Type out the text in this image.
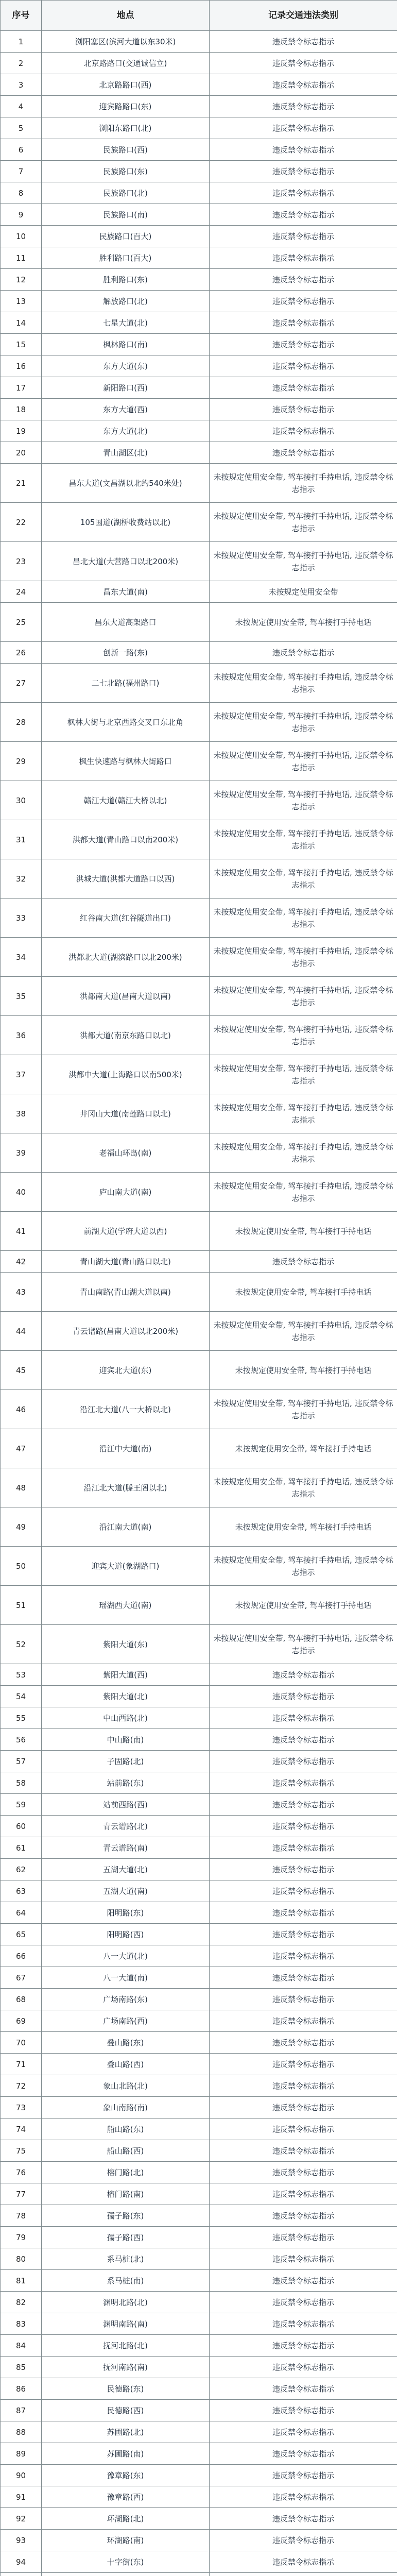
序号	地点	记录交通违法类别
1	浏阳塞区(滨河大道以东30米)	违反禁令标志指示
2	北京路路口(交通诚信立)	违反禁令标志指示
3	北京路路口(西)	违反禁令标志指示
4	迎宾路路口(东)	违反禁令标志指示
5	浏阳东路口(北)	违反禁令标志指示
6	民族路口(西)	违反禁令标志指示
7	民族路口(东)	违反禁令标志指示
8	民族路口(北)	违反禁令标志指示
9	民族路口(南)	违反禁令标志指示
10	民族路口(百大)	违反禁令标志指示
11	胜利路口(百大)	违反禁令标志指示
12	胜利路口(东)	违反禁令标志指示
13	解放路口(北)	违反禁令标志指示
14	七星大道(北)	违反禁令标志指示
15	枫林路口(南)	违反禁令标志指示
16	东方大道(东)	违反禁令标志指示
17	新阳路口(西)	违反禁令标志指示
18	东方大道(西)	违反禁令标志指示
19	东方大道(北)	违反禁令标志指示
20	青山湖区(北)	违反禁令标志指示
21	昌东大道(文昌湖以北约540米处)	未按规定使用安全带, 驾车接打手持电话, 违反禁令标志指示
22	105国道(湖桥收费站以北)	未按规定使用安全带, 驾车接打手持电话, 违反禁令标志指示
23	昌北大道(大营路口以北200米)	未按规定使用安全带, 驾车接打手持电话, 违反禁令标志指示
24	昌东大道(南)	未按规定使用安全带
25	昌东大道高架路口	未按规定使用安全带, 驾车接打手持电话
26	创新一路(东)	违反禁令标志指示
27	二七北路(福州路口)	未按规定使用安全带, 驾车接打手持电话, 违反禁令标志指示
28	枫林大街与北京西路交叉口东北角	未按规定使用安全带, 驾车接打手持电话, 违反禁令标志指示
29	枫生快速路与枫林大街路口	未按规定使用安全带, 驾车接打手持电话, 违反禁令标志指示
30	赣江大道(赣江大桥以北)	未按规定使用安全带, 驾车接打手持电话, 违反禁令标志指示
31	洪都大道(青山路口以南200米)	未按规定使用安全带, 驾车接打手持电话, 违反禁令标志指示
32	洪城大道(洪都大道路口以西)	未按规定使用安全带, 驾车接打手持电话, 违反禁令标志指示
33	红谷南大道(红谷隧道出口)	未按规定使用安全带, 驾车接打手持电话, 违反禁令标志指示
34	洪都北大道(湖滨路口以北200米)	未按规定使用安全带, 驾车接打手持电话, 违反禁令标志指示
35	洪都南大道(昌南大道以南)	未按规定使用安全带, 驾车接打手持电话, 违反禁令标志指示
36	洪都大道(南京东路口以北)	未按规定使用安全带, 驾车接打手持电话, 违反禁令标志指示
37	洪都中大道(上海路口以南500米)	未按规定使用安全带, 驾车接打手持电话, 违反禁令标志指示
38	井冈山大道(南莲路口以北)	未按规定使用安全带, 驾车接打手持电话, 违反禁令标志指示
39	老福山环岛(南)	未按规定使用安全带, 驾车接打手持电话, 违反禁令标志指示
40	庐山南大道(南)	未按规定使用安全带, 驾车接打手持电话, 违反禁令标志指示
41	前湖大道(学府大道以西)	未按规定使用安全带, 驾车接打手持电话
42	青山湖大道(青山路口以北)	违反禁令标志指示
43	青山南路(青山湖大道以南)	未按规定使用安全带, 驾车接打手持电话
44	青云谱路(昌南大道以北200米)	未按规定使用安全带, 驾车接打手持电话, 违反禁令标志指示
45	迎宾北大道(东)	未按规定使用安全带, 驾车接打手持电话
46	沿江北大道(八一大桥以北)	未按规定使用安全带, 驾车接打手持电话, 违反禁令标志指示
47	沿江中大道(南)	未按规定使用安全带, 驾车接打手持电话
48	沿江北大道(滕王阁以北)	未按规定使用安全带, 驾车接打手持电话, 违反禁令标志指示
49	沿江南大道(南)	未按规定使用安全带, 驾车接打手持电话
50	迎宾大道(象湖路口)	未按规定使用安全带, 驾车接打手持电话, 违反禁令标志指示
51	瑶湖西大道(南)	未按规定使用安全带, 驾车接打手持电话
52	紫阳大道(东)	未按规定使用安全带, 驾车接打手持电话, 违反禁令标志指示
53	紫阳大道(西)	违反禁令标志指示
54	紫阳大道(北)	违反禁令标志指示
55	中山西路(北)	违反禁令标志指示
56	中山路(南)	违反禁令标志指示
57	子固路(北)	违反禁令标志指示
58	站前路(东)	违反禁令标志指示
59	站前西路(西)	违反禁令标志指示
60	青云谱路(北)	违反禁令标志指示
61	青云谱路(南)	违反禁令标志指示
62	五湖大道(北)	违反禁令标志指示
63	五湖大道(南)	违反禁令标志指示
64	阳明路(东)	违反禁令标志指示
65	阳明路(西)	违反禁令标志指示
66	八一大道(北)	违反禁令标志指示
67	八一大道(南)	违反禁令标志指示
68	广场南路(东)	违反禁令标志指示
69	广场南路(西)	违反禁令标志指示
70	叠山路(东)	违反禁令标志指示
71	叠山路(西)	违反禁令标志指示
72	象山北路(北)	违反禁令标志指示
73	象山南路(南)	违反禁令标志指示
74	船山路(东)	违反禁令标志指示
75	船山路(西)	违反禁令标志指示
76	榕门路(北)	违反禁令标志指示
77	榕门路(南)	违反禁令标志指示
78	孺子路(东)	违反禁令标志指示
79	孺子路(西)	违反禁令标志指示
80	系马桩(北)	违反禁令标志指示
81	系马桩(南)	违反禁令标志指示
82	渊明北路(北)	违反禁令标志指示
83	渊明南路(南)	违反禁令标志指示
84	抚河北路(北)	违反禁令标志指示
85	抚河南路(南)	违反禁令标志指示
86	民德路(东)	违反禁令标志指示
87	民德路(西)	违反禁令标志指示
88	苏圃路(北)	违反禁令标志指示
89	苏圃路(南)	违反禁令标志指示
90	豫章路(东)	违反禁令标志指示
91	豫章路(西)	违反禁令标志指示
92	环湖路(北)	违反禁令标志指示
93	环湖路(南)	违反禁令标志指示
94	十字街(东)	违反禁令标志指示
